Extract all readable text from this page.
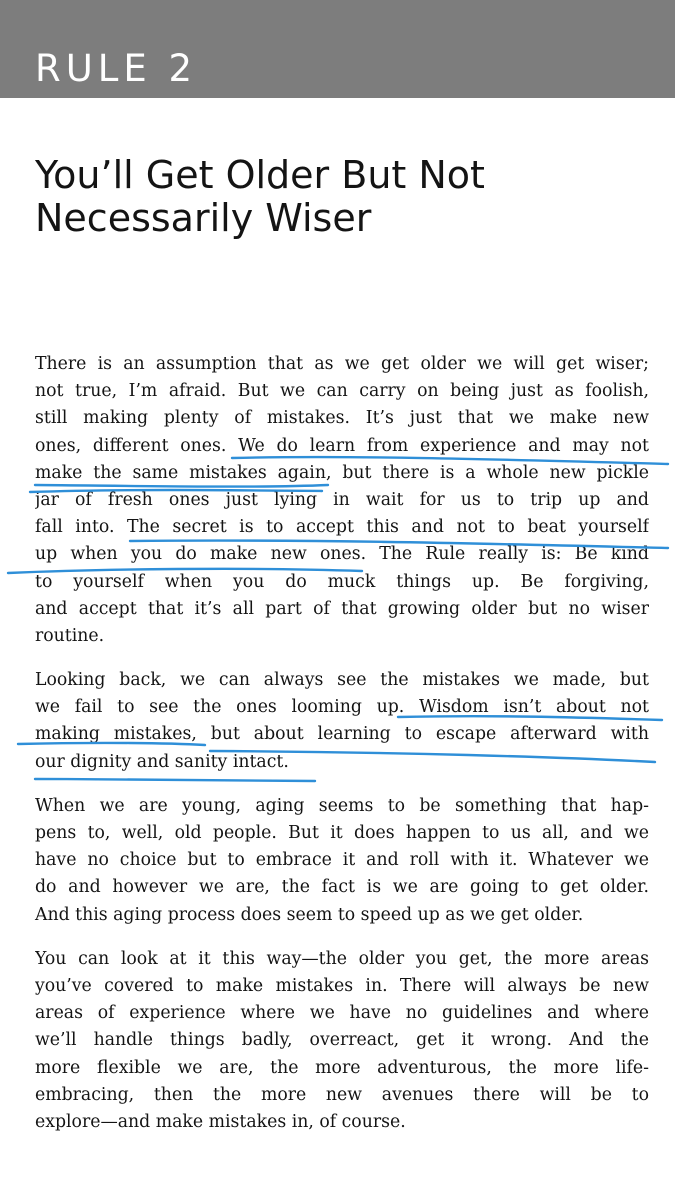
RULE 2
You’ll Get Older But Not
Necessarily Wiser
There is an assumption that as we get older we will get wiser;
not true, I’m afraid. But we can carry on being just as foolish,
still making plenty of mistakes. It’s just that we make new
ones, different ones. We do learn from experience and may not
make the same mistakes again, but there is a whole new pickle
jar of fresh ones just lying in wait for us to trip up and
fall into. The secret is to accept this and not to beat yourself
up when you do make new ones. The Rule really is: Be kind
to yourself when you do muck things up. Be forgiving,
and accept that it’s all part of that growing older but no wiser
routine.
Looking back, we can always see the mistakes we made, but
we fail to see the ones looming up. Wisdom isn’t about not
making mistakes, but about learning to escape afterward with
our dignity and sanity intact.
When we are young, aging seems to be something that hap-
pens to, well, old people. But it does happen to us all, and we
have no choice but to embrace it and roll with it. Whatever we
do and however we are, the fact is we are going to get older.
And this aging process does seem to speed up as we get older.
You can look at it this way—the older you get, the more areas
you’ve covered to make mistakes in. There will always be new
areas of experience where we have no guidelines and where
we’ll handle things badly, overreact, get it wrong. And the
more flexible we are, the more adventurous, the more life-
embracing, then the more new avenues there will be to
explore—and make mistakes in, of course.
